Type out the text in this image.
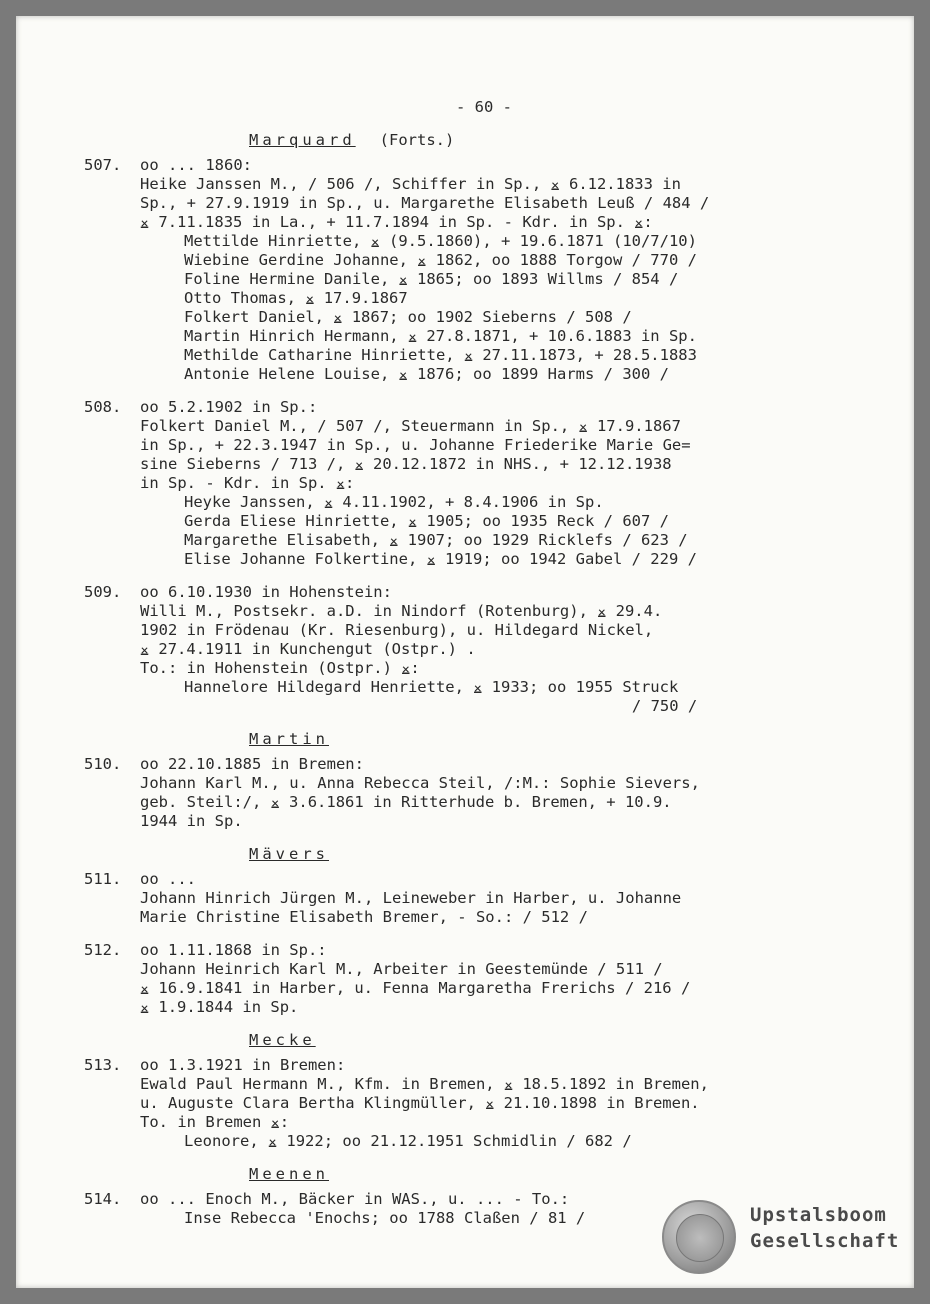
- 60 -
Marquard (Forts.)
507.	oo ... 1860:
Heike Janssen M., / 506 /, Schiffer in Sp., ⨱ 6.12.1833 in
Sp., + 27.9.1919 in Sp., u. Margarethe Elisabeth Leuß / 484 /
⨱ 7.11.1835 in La., + 11.7.1894 in Sp. - Kdr. in Sp. ⨱:
Mettilde Hinriette, ⨱ (9.5.1860), + 19.6.1871 (10/7/10)
Wiebine Gerdine Johanne, ⨱ 1862, oo 1888 Torgow / 770 /
Foline Hermine Danile, ⨱ 1865; oo 1893 Willms / 854 /
Otto Thomas, ⨱ 17.9.1867
Folkert Daniel, ⨱ 1867; oo 1902 Sieberns / 508 /
Martin Hinrich Hermann, ⨱ 27.8.1871, + 10.6.1883 in Sp.
Methilde Catharine Hinriette, ⨱ 27.11.1873, + 28.5.1883
Antonie Helene Louise, ⨱ 1876; oo 1899 Harms / 300 /
508.	oo 5.2.1902 in Sp.:
Folkert Daniel M., / 507 /, Steuermann in Sp., ⨱ 17.9.1867
in Sp., + 22.3.1947 in Sp., u. Johanne Friederike Marie Ge=
sine Sieberns / 713 /, ⨱ 20.12.1872 in NHS., + 12.12.1938
in Sp. - Kdr. in Sp. ⨱:
Heyke Janssen, ⨱ 4.11.1902, + 8.4.1906 in Sp.
Gerda Eliese Hinriette, ⨱ 1905; oo 1935 Reck / 607 /
Margarethe Elisabeth, ⨱ 1907; oo 1929 Ricklefs / 623 /
Elise Johanne Folkertine, ⨱ 1919; oo 1942 Gabel / 229 /
509.	oo 6.10.1930 in Hohenstein:
Willi M., Postsekr. a.D. in Nindorf (Rotenburg), ⨱ 29.4.
1902 in Frödenau (Kr. Riesenburg), u. Hildegard Nickel,
⨱ 27.4.1911 in Kunchengut (Ostpr.) .
To.: in Hohenstein (Ostpr.) ⨱:
Hannelore Hildegard Henriette, ⨱ 1933; oo 1955 Struck
/ 750 /
Martin
510.	oo 22.10.1885 in Bremen:
Johann Karl M., u. Anna Rebecca Steil, /:M.: Sophie Sievers,
geb. Steil:/, ⨱ 3.6.1861 in Ritterhude b. Bremen, + 10.9.
1944 in Sp.
Mävers
511.	oo ...
Johann Hinrich Jürgen M., Leineweber in Harber, u. Johanne
Marie Christine Elisabeth Bremer, - So.: / 512 /
512.	oo 1.11.1868 in Sp.:
Johann Heinrich Karl M., Arbeiter in Geestemünde / 511 /
⨱ 16.9.1841 in Harber, u. Fenna Margaretha Frerichs / 216 /
⨱ 1.9.1844 in Sp.
Mecke
513.	oo 1.3.1921 in Bremen:
Ewald Paul Hermann M., Kfm. in Bremen, ⨱ 18.5.1892 in Bremen,
u. Auguste Clara Bertha Klingmüller, ⨱ 21.10.1898 in Bremen.
To. in Bremen ⨱:
Leonore, ⨱ 1922; oo 21.12.1951 Schmidlin / 682 /
Meenen
514.	oo ... Enoch M., Bäcker in WAS., u. ... - To.:
Inse Rebecca 'Enochs; oo 1788 Claßen / 81 /	Upstalsboom
Gesellschaft
